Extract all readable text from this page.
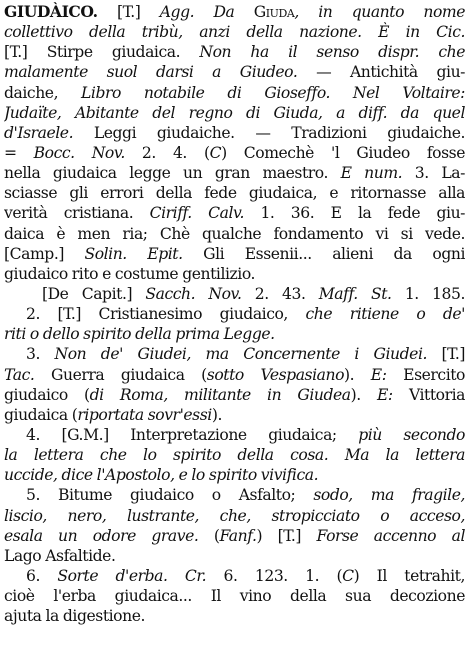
GIUDÀICO. [T.] Agg. Da Giuda, in quanto nome
collettivo della tribù, anzi della nazione. È in Cic.
[T.] Stirpe giudaica. Non ha il senso dispr. che
malamente suol darsi a Giudeo. — Antichità giu-
daiche, Libro notabile di Gioseffo. Nel Voltaire:
Judaïte, Abitante del regno di Giuda, a diff. da quel
d'Israele. Leggi giudaiche. — Tradizioni giudaiche.
= Bocc. Nov. 2. 4. (C) Comechè 'l Giudeo fosse
nella giudaica legge un gran maestro. E num. 3. La-
sciasse gli errori della fede giudaica, e ritornasse alla
verità cristiana. Ciriff. Calv. 1. 36. E la fede giu-
daica è men ria; Chè qualche fondamento vi si vede.
[Camp.] Solin. Epit. Gli Essenii... alieni da ogni
giudaico rito e costume gentilizio.
[De Capit.] Sacch. Nov. 2. 43. Maff. St. 1. 185.
2. [T.] Cristianesimo giudaico, che ritiene o de'
riti o dello spirito della prima Legge.
3. Non de' Giudei, ma Concernente i Giudei. [T.]
Tac. Guerra giudaica (sotto Vespasiano). E: Esercito
giudaico (di Roma, militante in Giudea). E: Vittoria
giudaica (riportata sovr'essi).
4. [G.M.] Interpretazione giudaica; più secondo
la lettera che lo spirito della cosa. Ma la lettera
uccide, dice l'Apostolo, e lo spirito vivifica.
5. Bitume giudaico o Asfalto; sodo, ma fragile,
liscio, nero, lustrante, che, stropicciato o acceso,
esala un odore grave. (Fanf.) [T.] Forse accenno al
Lago Asfaltide.
6. Sorte d'erba. Cr. 6. 123. 1. (C) Il tetrahit,
cioè l'erba giudaica... Il vino della sua decozione
ajuta la digestione.
